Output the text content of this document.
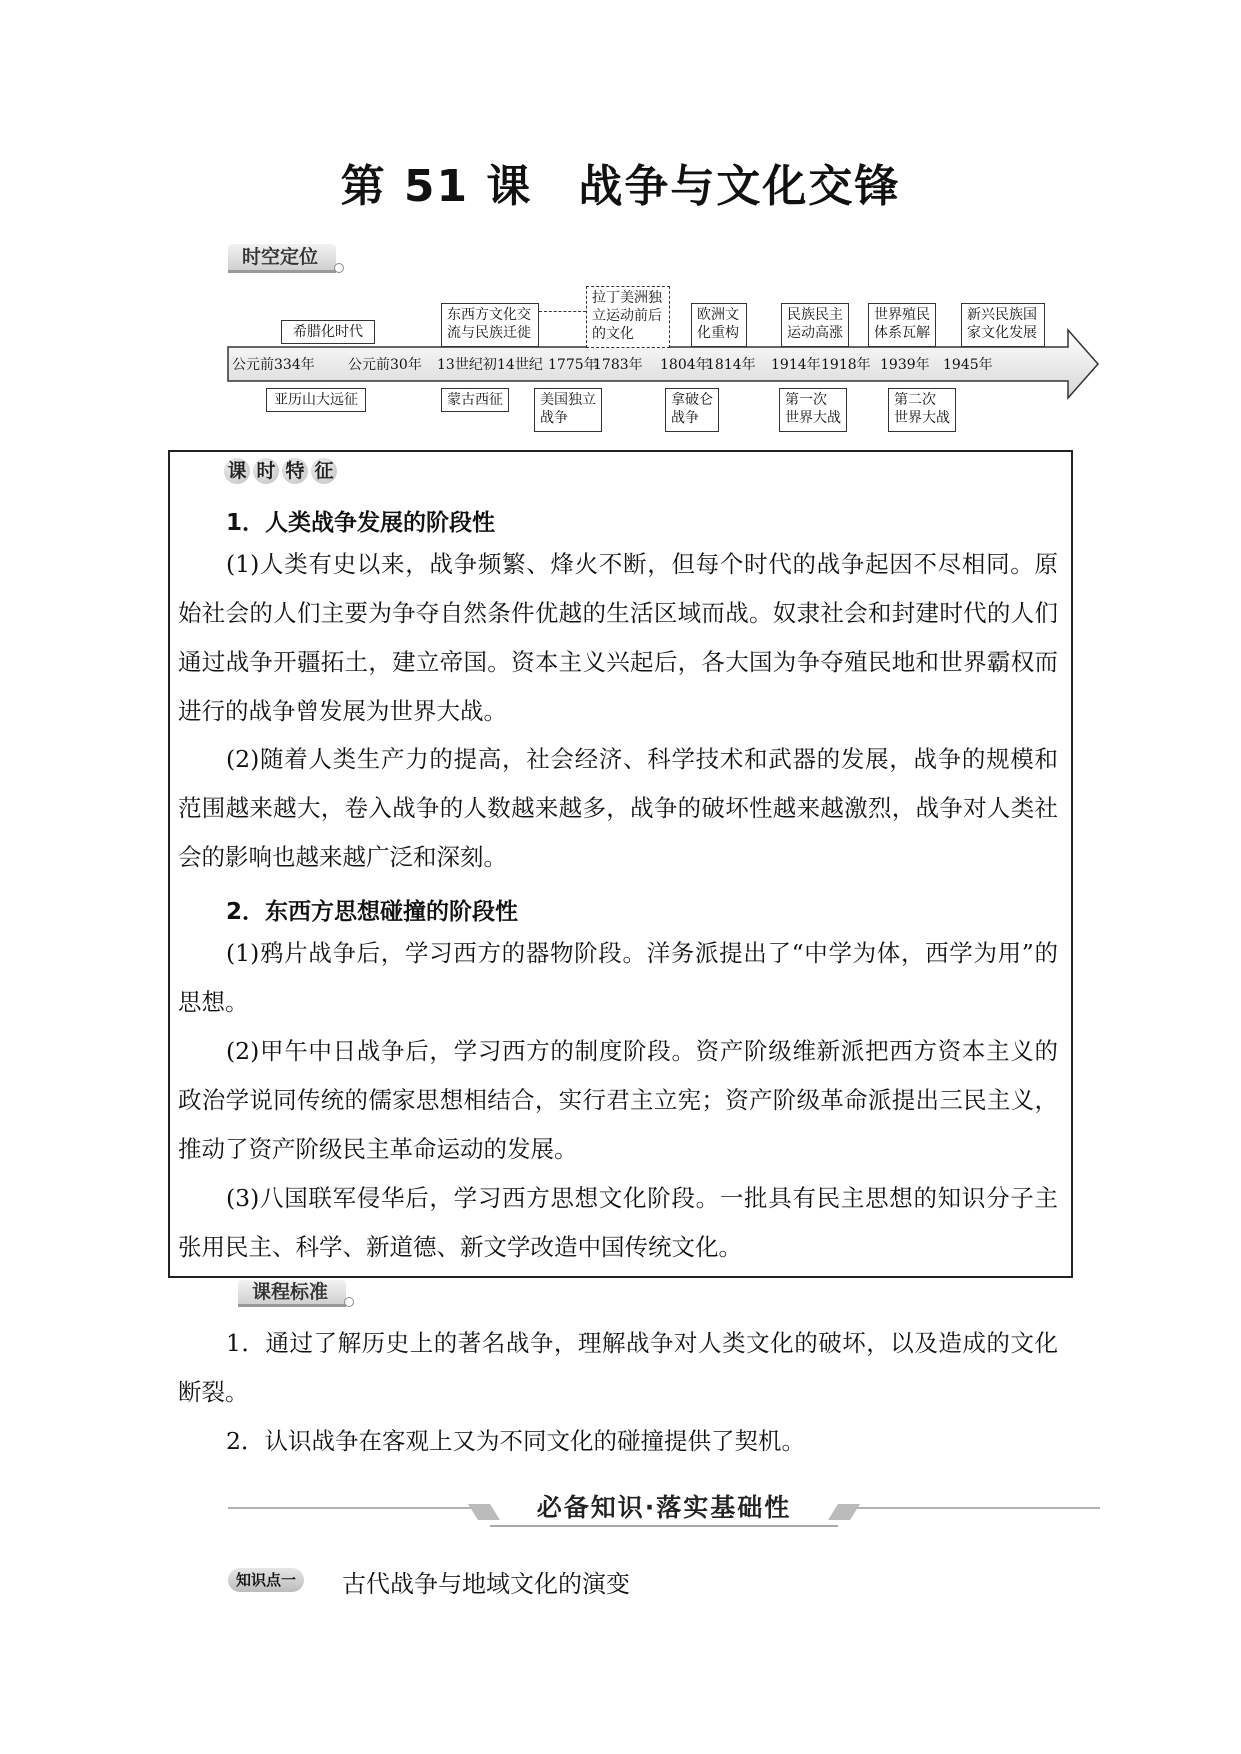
第 51 课　战争与文化交锋
时空定位
公元前334年 公元前30年 13世纪初 14世纪 1775年
1783年 1804年
1814年 1914年 1918年 1939年 1945年
希腊化时代
东西方文化交
流与民族迁徙
拉丁美洲独
立运动前后
的文化
欧洲文
化重构
民族民主
运动高涨
世界殖民
体系瓦解
新兴民族国
家文化发展
亚历山大远征	蒙古西征	美国独立
战争
拿破仑
战争
第一次
世界大战
第二次
世界大战
课 时 特 征
1．人类战争发展的阶段性
(1)人类有史以来，战争频繁、烽火不断，但每个时代的战争起因不尽相同。原始社会的人们主要为争夺自然条件优越的生活区域而战。奴隶社会和封建时代的人们通过战争开疆拓土，建立帝国。资本主义兴起后，各大国为争夺殖民地和世界霸权而进行的战争曾发展为世界大战。
(2)随着人类生产力的提高，社会经济、科学技术和武器的发展，战争的规模和范围越来越大，卷入战争的人数越来越多，战争的破坏性越来越激烈，战争对人类社会的影响也越来越广泛和深刻。
2．东西方思想碰撞的阶段性
(1)鸦片战争后，学习西方的器物阶段。洋务派提出了“中学为体，西学为用”的思想。
(2)甲午中日战争后，学习西方的制度阶段。资产阶级维新派把西方资本主义的政治学说同传统的儒家思想相结合，实行君主立宪；资产阶级革命派提出三民主义，推动了资产阶级民主革命运动的发展。
(3)八国联军侵华后，学习西方思想文化阶段。一批具有民主思想的知识分子主张用民主、科学、新道德、新文学改造中国传统文化。
课程标准
1．通过了解历史上的著名战争，理解战争对人类文化的破坏，以及造成的文化断裂。
2．认识战争在客观上又为不同文化的碰撞提供了契机。
必备知识·落实基础性
知识点一	古代战争与地域文化的演变
